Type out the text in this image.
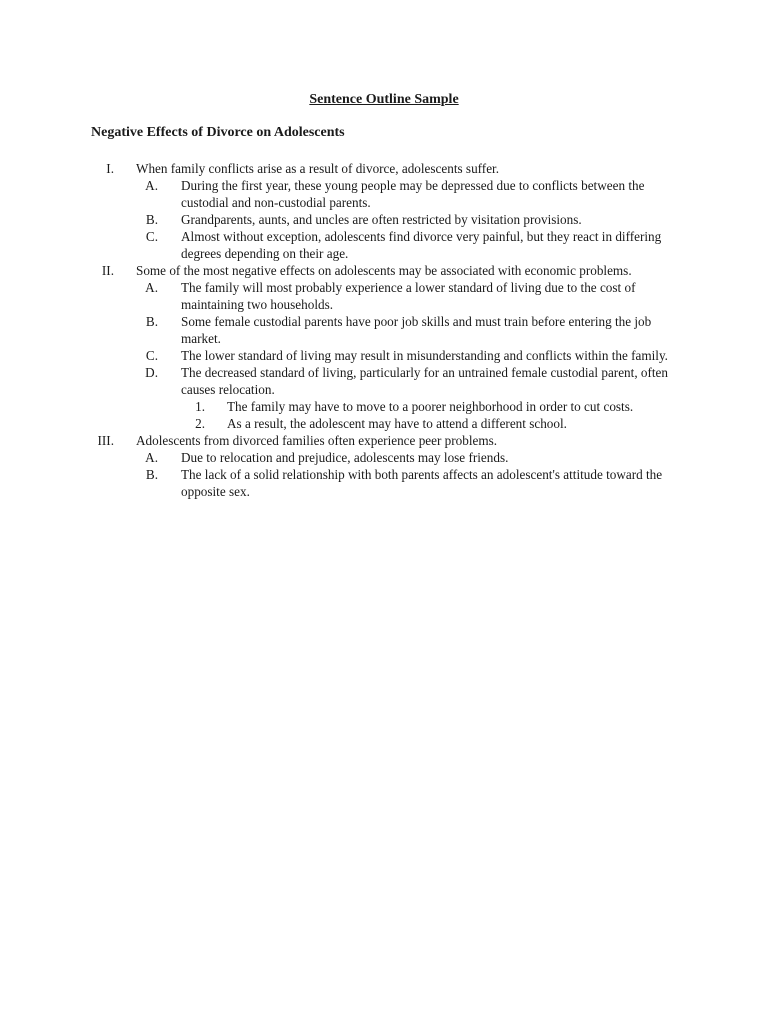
Sentence Outline Sample
Negative Effects of Divorce on Adolescents
I. When family conflicts arise as a result of divorce, adolescents suffer.
A. During the first year, these young people may be depressed due to conflicts between the custodial and non-custodial parents.
B. Grandparents, aunts, and uncles are often restricted by visitation provisions.
C. Almost without exception, adolescents find divorce very painful, but they react in differing degrees depending on their age.
II. Some of the most negative effects on adolescents may be associated with economic problems.
A. The family will most probably experience a lower standard of living due to the cost of maintaining two households.
B. Some female custodial parents have poor job skills and must train before entering the job market.
C. The lower standard of living may result in misunderstanding and conflicts within the family.
D. The decreased standard of living, particularly for an untrained female custodial parent, often causes relocation.
1. The family may have to move to a poorer neighborhood in order to cut costs.
2. As a result, the adolescent may have to attend a different school.
III. Adolescents from divorced families often experience peer problems.
A. Due to relocation and prejudice, adolescents may lose friends.
B. The lack of a solid relationship with both parents affects an adolescent's attitude toward the opposite sex.
